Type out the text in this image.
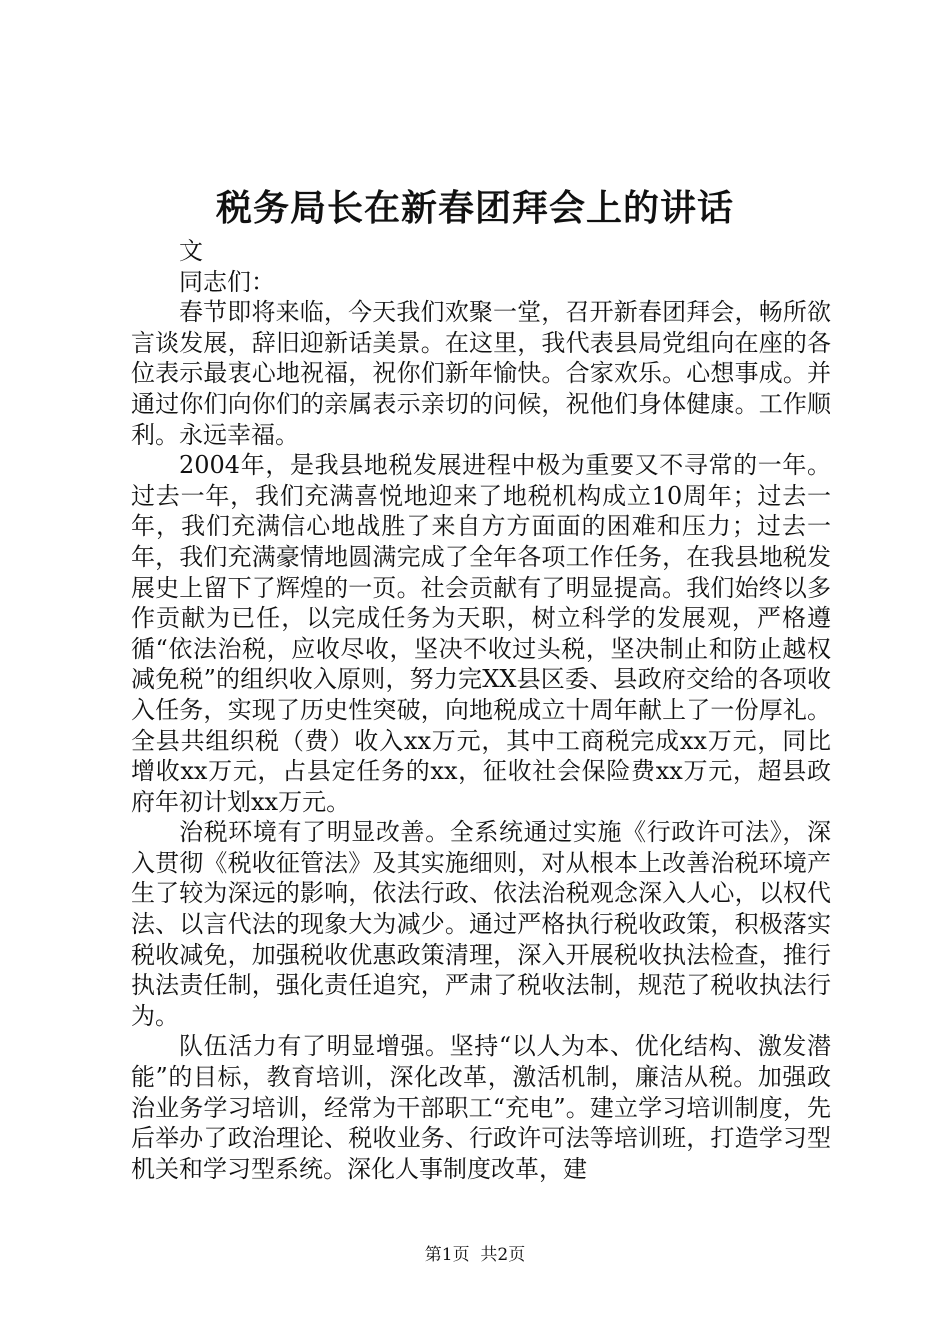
税务局长在新春团拜会上的讲话

文

同志们：

春节即将来临，今天我们欢聚一堂，召开新春团拜会，畅所欲言谈发展，辞旧迎新话美景。在这里，我代表县局党组向在座的各位表示最衷心地祝福，祝你们新年愉快。合家欢乐。心想事成。并通过你们向你们的亲属表示亲切的问候，祝他们身体健康。工作顺利。永远幸福。

2004年，是我县地税发展进程中极为重要又不寻常的一年。过去一年，我们充满喜悦地迎来了地税机构成立10周年；过去一年，我们充满信心地战胜了来自方方面面的困难和压力；过去一年，我们充满豪情地圆满完成了全年各项工作任务，在我县地税发展史上留下了辉煌的一页。社会贡献有了明显提高。我们始终以多作贡献为已任，以完成任务为天职，树立科学的发展观，严格遵循“依法治税，应收尽收，坚决不收过头税，坚决制止和防止越权减免税”的组织收入原则，努力完XX县区委、县政府交给的各项收入任务，实现了历史性突破，向地税成立十周年献上了一份厚礼。全县共组织税（费）收入xx万元，其中工商税完成xx万元，同比增收xx万元，占县定任务的xx，征收社会保险费xx万元，超县政府年初计划xx万元。

治税环境有了明显改善。全系统通过实施《行政许可法》，深入贯彻《税收征管法》及其实施细则，对从根本上改善治税环境产生了较为深远的影响，依法行政、依法治税观念深入人心，以权代法、以言代法的现象大为减少。通过严格执行税收政策，积极落实税收减免，加强税收优惠政策清理，深入开展税收执法检查，推行执法责任制，强化责任追究，严肃了税收法制，规范了税收执法行为。

队伍活力有了明显增强。坚持“以人为本、优化结构、激发潜能”的目标，教育培训，深化改革，激活机制，廉洁从税。加强政治业务学习培训，经常为干部职工“充电”。建立学习培训制度，先后举办了政治理论、税收业务、行政许可法等培训班，打造学习型机关和学习型系统。深化人事制度改革，建

第1页 共2页
